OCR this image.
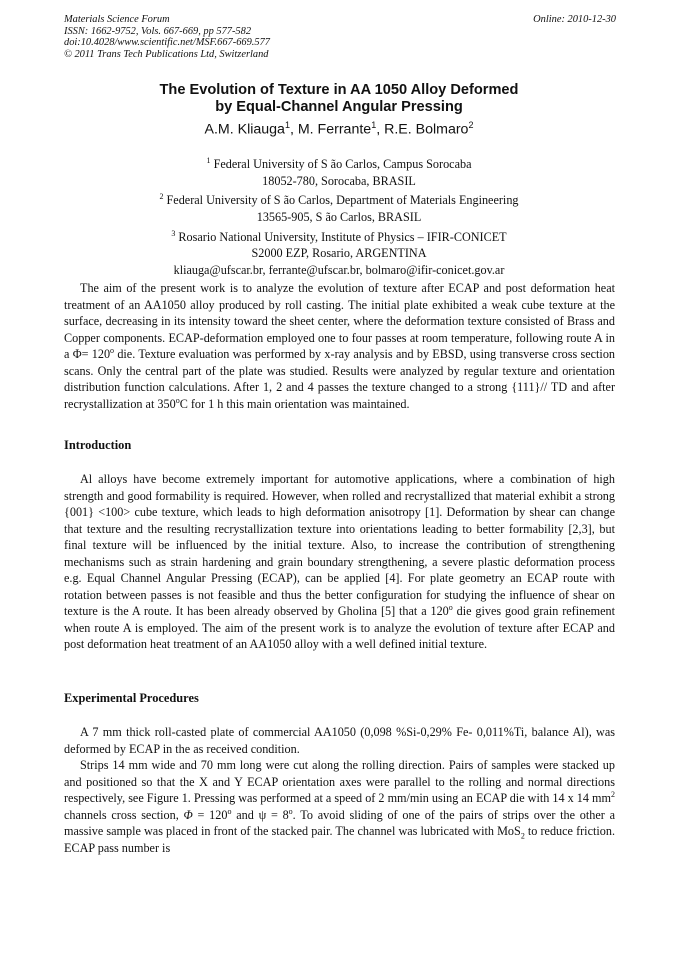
Materials Science Forum
ISSN: 1662-9752, Vols. 667-669, pp 577-582
doi:10.4028/www.scientific.net/MSF.667-669.577
© 2011 Trans Tech Publications Ltd, Switzerland
Online: 2010-12-30
The Evolution of Texture in AA 1050 Alloy Deformed
by Equal-Channel Angular Pressing
A.M. Kliauga$^1$, M. Ferrante$^1$, R.E. Bolmaro$^2$
$^1$ Federal University of S ão Carlos, Campus Sorocaba
18052-780, Sorocaba, BRASIL
$^2$ Federal University of S ão Carlos, Department of Materials Engineering
13565-905, S ão Carlos, BRASIL
$^3$ Rosario National University, Institute of Physics – IFIR-CONICET
S2000 EZP, Rosario, ARGENTINA
kliauga@ufscar.br, ferrante@ufscar.br, bolmaro@ifir-conicet.gov.ar

The aim of the present work is to analyze the evolution of texture after ECAP and post deformation heat treatment of an AA1050 alloy produced by roll casting. The initial plate exhibited a weak cube texture at the surface, decreasing in its intensity toward the sheet center, where the deformation texture consisted of Brass and Copper components. ECAP-deformation employed one to four passes at room temperature, following route A in a $\Phi= 120^o$ die. Texture evaluation was performed by x-ray analysis and by EBSD, using transverse cross section scans. Only the central part of the plate was studied. Results were analyzed by regular texture and orientation distribution function calculations. After 1, 2 and 4 passes the texture changed to a strong {111}// TD and after recrystallization at 350$^o$C for 1 h this main orientation was maintained.

Introduction

Al alloys have become extremely important for automotive applications, where a combination of high strength and good formability is required. However, when rolled and recrystallized that material exhibit a strong {001} <100> cube texture, which leads to high deformation anisotropy [1]. Deformation by shear can change that texture and the resulting recrystallization texture into orientations leading to better formability [2,3], but final texture will be influenced by the initial texture. Also, to increase the contribution of strengthening mechanisms such as strain hardening and grain boundary strengthening, a severe plastic deformation process e.g. Equal Channel Angular Pressing (ECAP), can be applied [4]. For plate geometry an ECAP route with rotation between passes is not feasible and thus the better configuration for studying the influence of shear on texture is the A route. It has been already observed by Gholina [5] that a 120$^o$ die gives good grain refinement when route A is employed. The aim of the present work is to analyze the evolution of texture after ECAP and post deformation heat treatment of an AA1050 alloy with a well defined initial texture.

Experimental Procedures

A 7 mm thick roll-casted plate of commercial AA1050 (0,098 %Si-0,29% Fe- 0,011%Ti, balance Al), was deformed by ECAP in the as received condition.

Strips 14 mm wide and 70 mm long were cut along the rolling direction. Pairs of samples were stacked up and positioned so that the X and Y ECAP orientation axes were parallel to the rolling and normal directions respectively, see Figure 1. Pressing was performed at a speed of 2 mm/min using an ECAP die with 14 x 14 $mm^2$ channels cross section, $\Phi = 120^o$ and $\psi = 8^o$. To avoid sliding of one of the pairs of strips over the other a massive sample was placed in front of the stacked pair. The channel was lubricated with MoS$_2$ to reduce friction. ECAP pass number is
